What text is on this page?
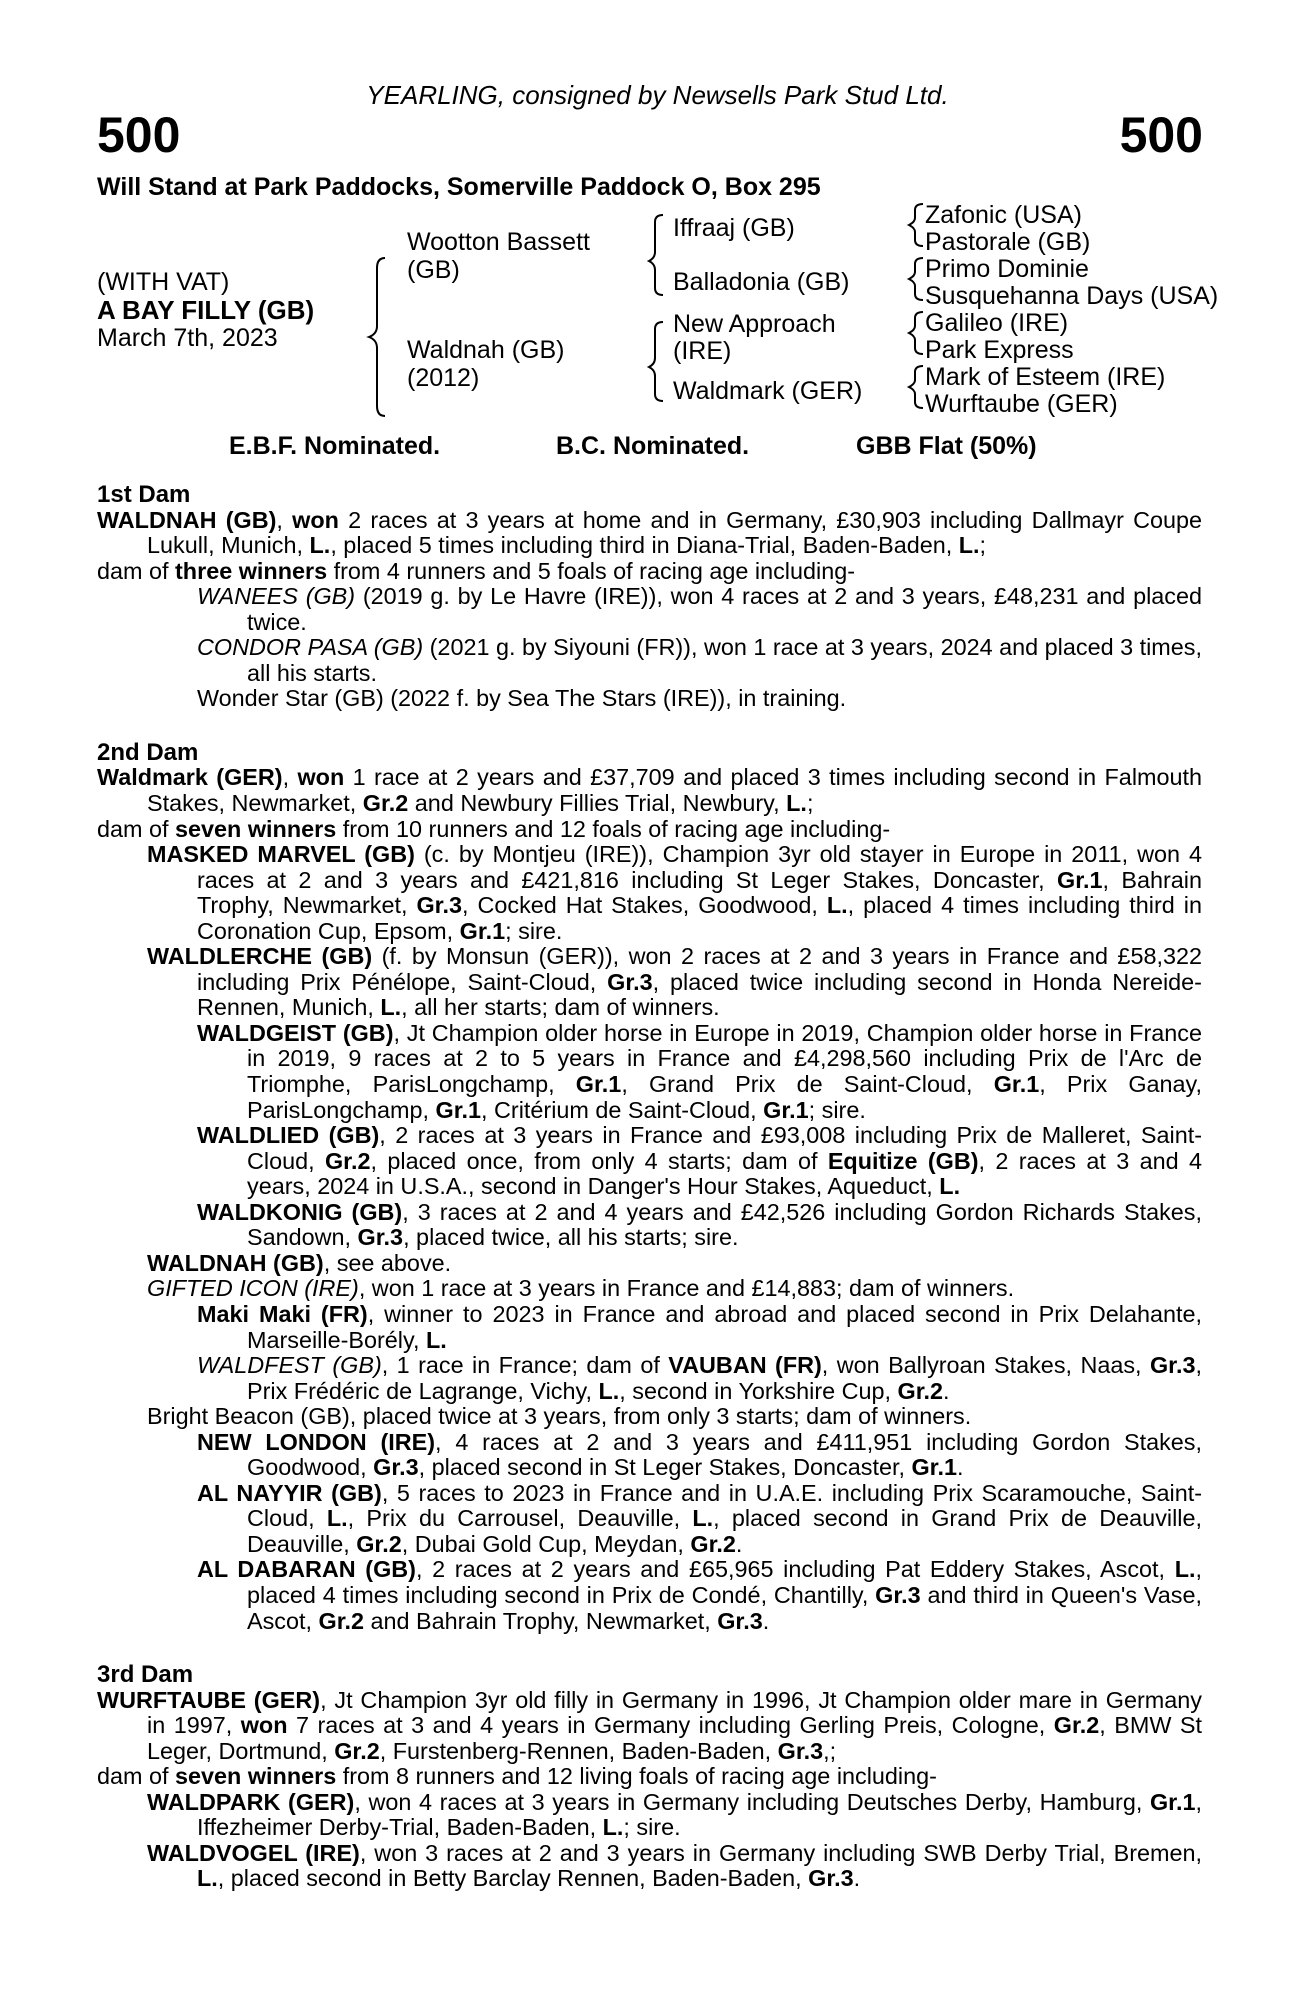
YEARLING, consigned by Newsells Park Stud Ltd.
500	500
Will Stand at Park Paddocks, Somerville Paddock O, Box 295
(WITH VAT)
A BAY FILLY (GB)
March 7th, 2023
Wootton Bassett
(GB)
Waldnah (GB)
(2012)
Iffraaj (GB)
Balladonia (GB)
New Approach
(IRE)
Waldmark (GER)
Zafonic (USA)
Pastorale (GB)
Primo Dominie
Susquehanna Days (USA)
Galileo (IRE)
Park Express
Mark of Esteem (IRE)
Wurftaube (GER)
E.B.F. Nominated.	B.C. Nominated.	GBB Flat (50%)

1st Dam

WALDNAH (GB), won 2 races at 3 years at home and in Germany, £30,903 including Dallmayr Coupe Lukull, Munich, L., placed 5 times including third in Diana-Trial, Baden-Baden, L.;

dam of three winners from 4 runners and 5 foals of racing age including-

WANEES (GB) (2019 g. by Le Havre (IRE)), won 4 races at 2 and 3 years, £48,231 and placed twice.

CONDOR PASA (GB) (2021 g. by Siyouni (FR)), won 1 race at 3 years, 2024 and placed 3 times, all his starts.

Wonder Star (GB) (2022 f. by Sea The Stars (IRE)), in training.

2nd Dam

Waldmark (GER), won 1 race at 2 years and £37,709 and placed 3 times including second in Falmouth Stakes, Newmarket, Gr.2 and Newbury Fillies Trial, Newbury, L.;

dam of seven winners from 10 runners and 12 foals of racing age including-

MASKED MARVEL (GB) (c. by Montjeu (IRE)), Champion 3yr old stayer in Europe in 2011, won 4 races at 2 and 3 years and £421,816 including St Leger Stakes, Doncaster, Gr.1, Bahrain Trophy, Newmarket, Gr.3, Cocked Hat Stakes, Goodwood, L., placed 4 times including third in Coronation Cup, Epsom, Gr.1; sire.

WALDLERCHE (GB) (f. by Monsun (GER)), won 2 races at 2 and 3 years in France and £58,322 including Prix Pénélope, Saint-Cloud, Gr.3, placed twice including second in Honda Nereide-Rennen, Munich, L., all her starts; dam of winners.

WALDGEIST (GB), Jt Champion older horse in Europe in 2019, Champion older horse in France in 2019, 9 races at 2 to 5 years in France and £4,298,560 including Prix de l'Arc de Triomphe, ParisLongchamp, Gr.1, Grand Prix de Saint-Cloud, Gr.1, Prix Ganay, ParisLongchamp, Gr.1, Critérium de Saint-Cloud, Gr.1; sire.

WALDLIED (GB), 2 races at 3 years in France and £93,008 including Prix de Malleret, Saint-Cloud, Gr.2, placed once, from only 4 starts; dam of Equitize (GB), 2 races at 3 and 4 years, 2024 in U.S.A., second in Danger's Hour Stakes, Aqueduct, L.

WALDKONIG (GB), 3 races at 2 and 4 years and £42,526 including Gordon Richards Stakes, Sandown, Gr.3, placed twice, all his starts; sire.

WALDNAH (GB), see above.

GIFTED ICON (IRE), won 1 race at 3 years in France and £14,883; dam of winners.

Maki Maki (FR), winner to 2023 in France and abroad and placed second in Prix Delahante, Marseille-Borély, L.

WALDFEST (GB), 1 race in France; dam of VAUBAN (FR), won Ballyroan Stakes, Naas, Gr.3, Prix Frédéric de Lagrange, Vichy, L., second in Yorkshire Cup, Gr.2.

Bright Beacon (GB), placed twice at 3 years, from only 3 starts; dam of winners.

NEW LONDON (IRE), 4 races at 2 and 3 years and £411,951 including Gordon Stakes, Goodwood, Gr.3, placed second in St Leger Stakes, Doncaster, Gr.1.

AL NAYYIR (GB), 5 races to 2023 in France and in U.A.E. including Prix Scaramouche, Saint-Cloud, L., Prix du Carrousel, Deauville, L., placed second in Grand Prix de Deauville, Deauville, Gr.2, Dubai Gold Cup, Meydan, Gr.2.

AL DABARAN (GB), 2 races at 2 years and £65,965 including Pat Eddery Stakes, Ascot, L., placed 4 times including second in Prix de Condé, Chantilly, Gr.3 and third in Queen's Vase, Ascot, Gr.2 and Bahrain Trophy, Newmarket, Gr.3.

3rd Dam

WURFTAUBE (GER), Jt Champion 3yr old filly in Germany in 1996, Jt Champion older mare in Germany in 1997, won 7 races at 3 and 4 years in Germany including Gerling Preis, Cologne, Gr.2, BMW St Leger, Dortmund, Gr.2, Furstenberg-Rennen, Baden-Baden, Gr.3,;

dam of seven winners from 8 runners and 12 living foals of racing age including-

WALDPARK (GER), won 4 races at 3 years in Germany including Deutsches Derby, Hamburg, Gr.1, Iffezheimer Derby-Trial, Baden-Baden, L.; sire.

WALDVOGEL (IRE), won 3 races at 2 and 3 years in Germany including SWB Derby Trial, Bremen, L., placed second in Betty Barclay Rennen, Baden-Baden, Gr.3.
